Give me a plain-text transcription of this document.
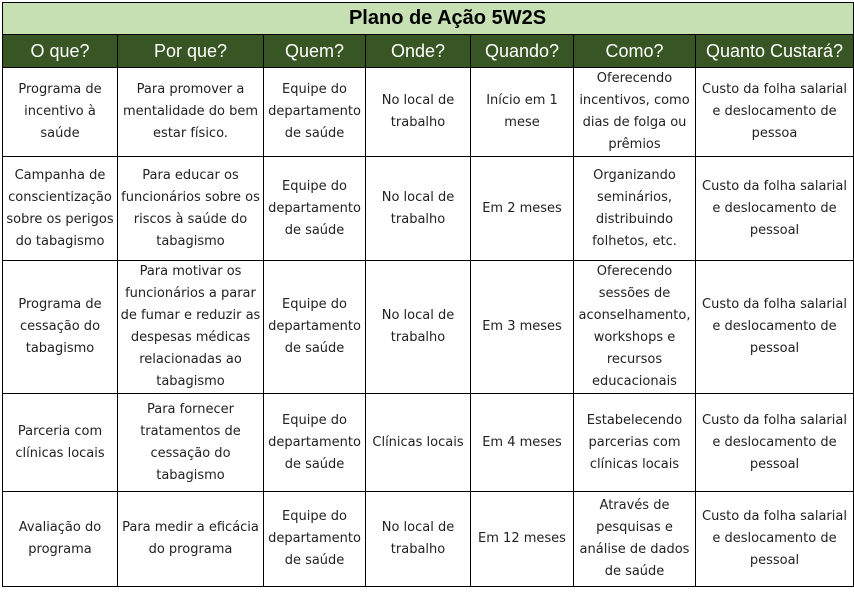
Plano de Ação 5W2S						
O que?	Por que?	Quem?	Onde?	Quando?	Como?	Quanto Custará?
Programa de incentivo à saúde	Para promover a mentalidade do bem estar físico.	Equipe do departamento de saúde	No local de trabalho	Início em 1 mese	Oferecendo incentivos, como dias de folga ou prêmios	Custo da folha salarial e deslocamento de pessoa
Campanha de conscientização sobre os perigos do tabagismo	Para educar os funcionários sobre os riscos à saúde do tabagismo	Equipe do departamento de saúde	No local de trabalho	Em 2 meses	Organizando seminários, distribuindo folhetos, etc.	Custo da folha salarial e deslocamento de pessoal
Programa de cessação do tabagismo	Para motivar os funcionários a parar de fumar e reduzir as despesas médicas relacionadas ao tabagismo	Equipe do departamento de saúde	No local de trabalho	Em 3 meses	Oferecendo sessões de aconselhamento, workshops e recursos educacionais	Custo da folha salarial e deslocamento de pessoal
Parceria com clínicas locais	Para fornecer tratamentos de cessação do tabagismo	Equipe do departamento de saúde	Clínicas locais	Em 4 meses	Estabelecendo parcerias com clínicas locais	Custo da folha salarial e deslocamento de pessoal
Avaliação do programa	Para medir a eficácia do programa	Equipe do departamento de saúde	No local de trabalho	Em 12 meses	Através de pesquisas e análise de dados de saúde	Custo da folha salarial e deslocamento de pessoal
